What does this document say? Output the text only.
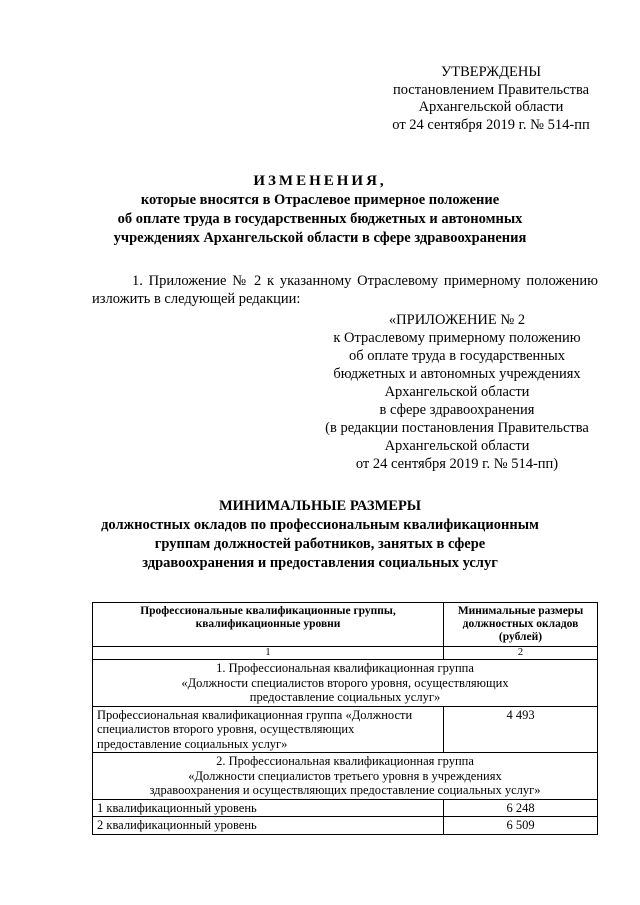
УТВЕРЖДЕНЫ
постановлением Правительства
Архангельской области
от 24 сентября 2019 г. № 514-пп
ИЗМЕНЕНИЯ,
которые вносятся в Отраслевое примерное положение
об оплате труда в государственных бюджетных и автономных
учреждениях Архангельской области в сфере здравоохранения
1. Приложение № 2 к указанному Отраслевому примерному положению
изложить в следующей редакции:
«ПРИЛОЖЕНИЕ № 2
к Отраслевому примерному положению
об оплате труда в государственных
бюджетных и автономных учреждениях
Архангельской области
в сфере здравоохранения
(в редакции постановления Правительства
Архангельской области
от 24 сентября 2019 г. № 514-пп)
МИНИМАЛЬНЫЕ РАЗМЕРЫ
должностных окладов по профессиональным квалификационным
группам должностей работников, занятых в сфере
здравоохранения и предоставления социальных услуг
Профессиональные квалификационные группы, квалификационные уровни	Минимальные размеры должностных окладов (рублей)
1	2

1. Профессиональная квалификационная группа
«Должности специалистов второго уровня, осуществляющих
предоставление социальных услуг»	

Профессиональная квалификационная группа «Должности
специалистов второго уровня, осуществляющих
предоставление социальных услуг»	4 493

2. Профессиональная квалификационная группа
«Должности специалистов третьего уровня в учреждениях
здравоохранения и осуществляющих предоставление социальных услуг»	

1 квалификационный уровень	6 248
2 квалификационный уровень	6 509
